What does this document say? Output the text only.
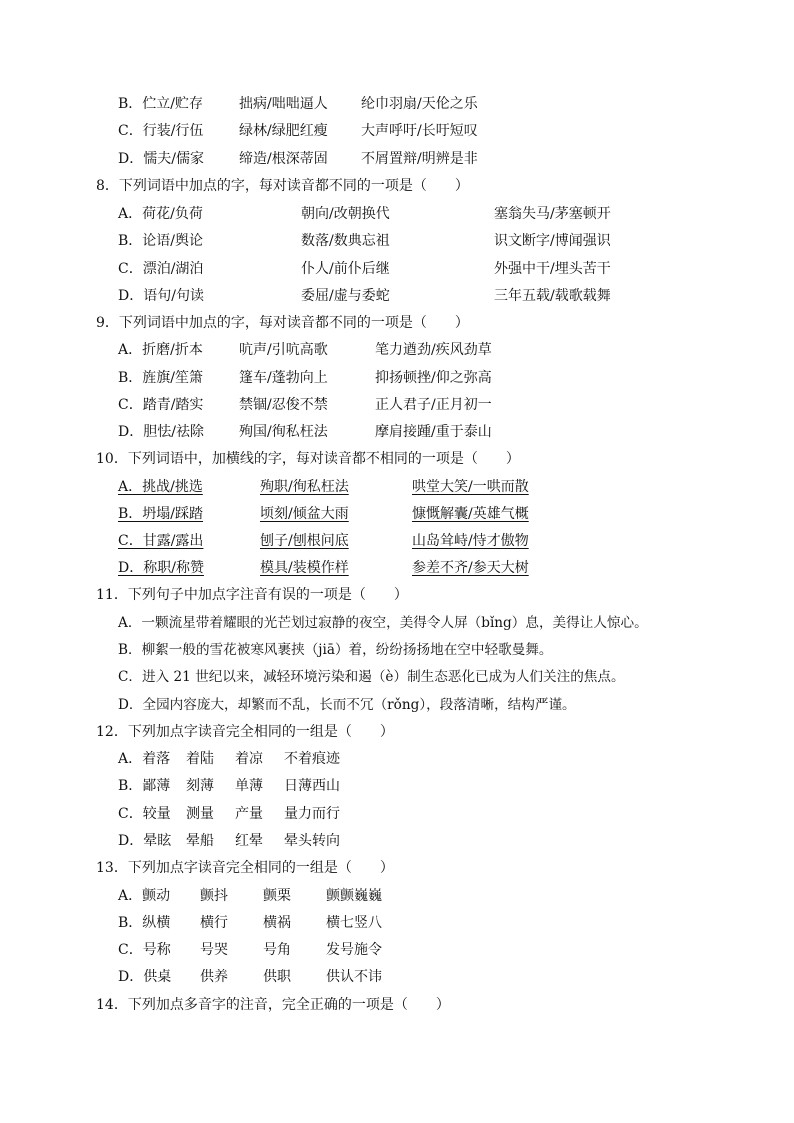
B．伫立/贮存	拙病/咄咄逼人 纶巾羽扇/天伦之乐
C．行装/行伍	绿林/绿肥红瘦 大声呼吁/长吁短叹
D．懦夫/儒家	缔造/根深蒂固 不屑置辩/明辨是非
8．下列词语中加点的字，每对读音都不同的一项是（　　）
A．荷花/负荷	朝向/改朝换代	塞翁失马/茅塞顿开
B．论语/舆论	数落/数典忘祖	识文断字/博闻强识
C．漂泊/湖泊	仆人/前仆后继	外强中干/埋头苦干
D．语句/句读	委屈/虚与委蛇	三年五载/载歌载舞
9．下列词语中加点的字，每对读音都不同的一项是（　　）
A．折磨/折本	吭声/引吭高歌	笔力遒劲/疾风劲草
B．旌旗/笙箫	篷车/蓬勃向上	抑扬顿挫/仰之弥高
C．踏青/踏实	禁锢/忍俊不禁	正人君子/正月初一
D．胆怯/祛除	殉国/徇私枉法	摩肩接踵/重于泰山
10．下列词语中，加横线的字，每对读音都不相同的一项是（　　）
A．挑战/挑选	殉职/徇私枉法	哄堂大笑/一哄而散
B．坍塌/踩踏	顷刻/倾盆大雨	慷慨解囊/英雄气概
C．甘露/露出	刨子/刨根问底	山岛耸峙/恃才傲物
D．称职/称赞	模具/装模作样	参差不齐/参天大树
11．下列句子中加点字注音有误的一项是（　　）
A．一颗流星带着耀眼的光芒划过寂静的夜空，美得令人屏（bǐng）息，美得让人惊心。
B．柳絮一般的雪花被寒风裹挟（jiā）着，纷纷扬扬地在空中轻歌曼舞。
C．进入 21 世纪以来，减轻环境污染和遏（è）制生态恶化已成为人们关注的焦点。
D．全园内容庞大，却繁而不乱，长而不冗（rǒng），段落清晰，结构严谨。
12．下列加点字读音完全相同的一组是（　　）
A．着落 着陆 着凉 不着痕迹
B．鄙薄 刻薄 单薄 日薄西山
C．较量 测量 产量 量力而行
D．晕眩 晕船 红晕 晕头转向
13．下列加点字读音完全相同的一组是（　　）
A．颤动 颤抖	颤栗	颤颤巍巍
B．纵横 横行	横祸	横七竖八
C．号称 号哭	号角	发号施令
D．供桌 供养	供职	供认不讳
14．下列加点多音字的注音，完全正确的一项是（　　）
